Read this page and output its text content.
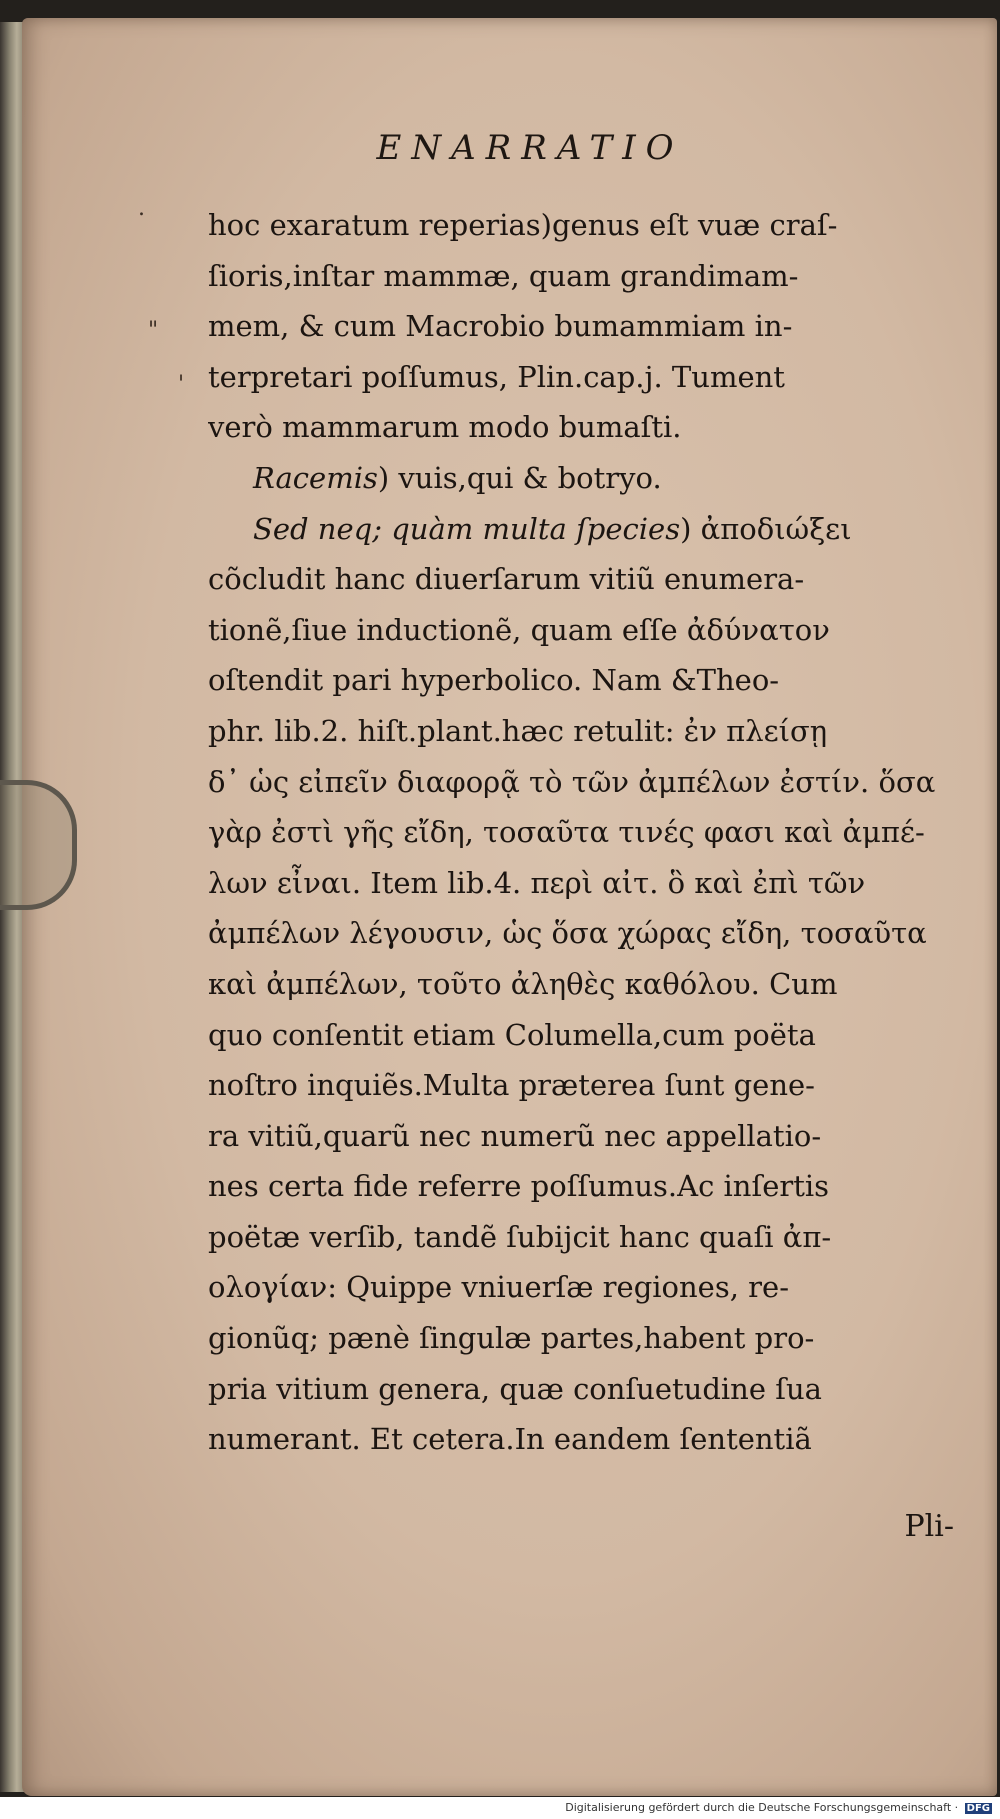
ENARRATIO
hoc exaratum reperias)genus eſt vuæ craſ-
ſioris,inſtar mammæ, quam grandimam-
mem, & cum Macrobio bumammiam in-
terpretari poſſumus, Plin.cap.j. Tument
verò mammarum modo bumaſti.
Racemis) vuis,qui & botryo.
Sed neq; quàm multa ſpecies) ἀποδιώξει
cõcludit hanc diuerſarum vitiũ enumera-
tionẽ,ſiue inductionẽ, quam eſſe ἀδύνατον
oſtendit pari hyperbolico. Nam &Theo-
phr. lib.2. hiſt.plant.hæc retulit: ἐν πλείσῃ
δ᾽ ὡς εἰπεῖν διαφορᾷ τὸ τῶν ἀμπέλων ἐστίν. ὅσα
γὰρ ἐστὶ γῆς εἴδη, τοσαῦτα τινές φασι καὶ ἀμπέ-
λων εἶναι. Item lib.4. περὶ αἰτ. ὃ καὶ ἐπὶ τῶν
ἀμπέλων λέγουσιν, ὡς ὅσα χώρας εἴδη, τοσαῦτα
καὶ ἀμπέλων, τοῦτο ἀληθὲς καθόλου. Cum
quo conſentit etiam Columella,cum poëta
noſtro inquiẽs.Multa præterea ſunt gene-
ra vitiũ,quarũ nec numerũ nec appellatio-
nes certa fide referre poſſumus.Ac inſertis
poëtæ verſib, tandẽ ſubijcit hanc quaſi ἀπ-
ολογίαν: Quippe vniuerſæ regiones, re-
gionũq; pænè ſingulæ partes,habent pro-
pria vitium genera, quæ conſuetudine ſua
numerant. Et cetera.In eandem ſententiã
Pli-
.
"
'
Digitalisierung gefördert durch die Deutsche Forschungsgemeinschaft · DFG
